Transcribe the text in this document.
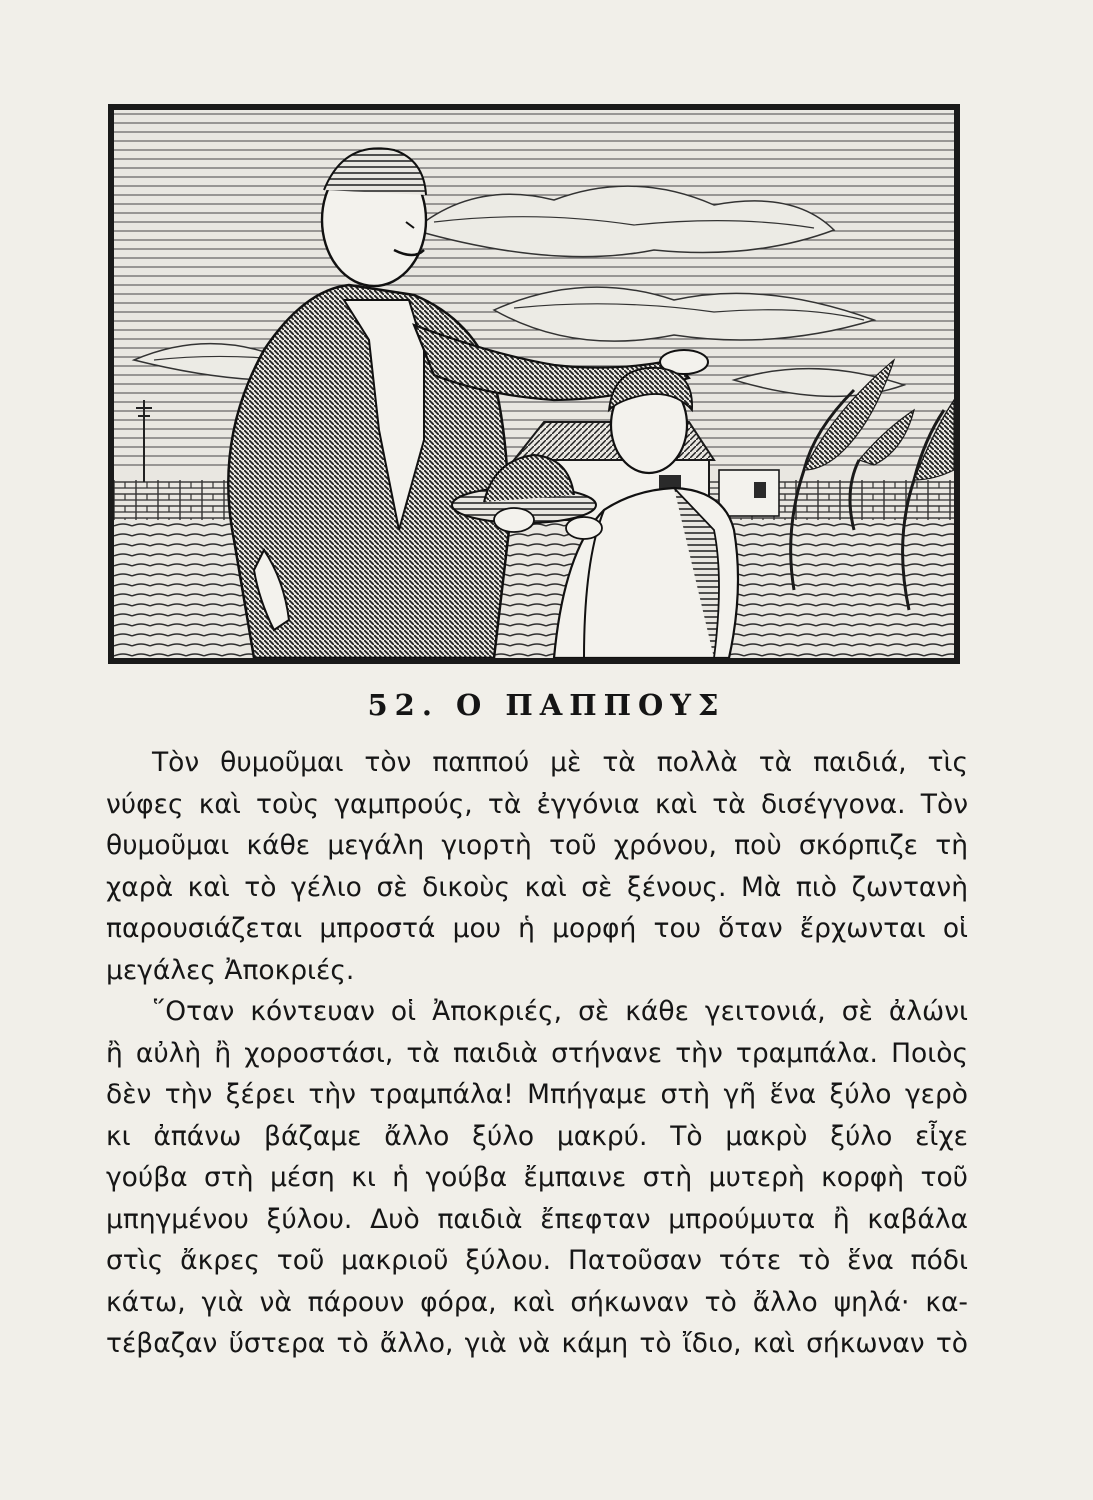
52. Ο ΠΑΠΠΟΥΣ
Τὸν θυμοῦμαι τὸν παππού μὲ τὰ πολλὰ τὰ παιδιά, τὶς
νύφες καὶ τοὺς γαμπρούς, τὰ ἐγγόνια καὶ τὰ δισέγγονα. Τὸν
θυμοῦμαι κάθε μεγάλη γιορτὴ τοῦ χρόνου, ποὺ σκόρπιζε τὴ
χαρὰ καὶ τὸ γέλιο σὲ δικοὺς καὶ σὲ ξένους. Μὰ πιὸ ζωντανὴ
παρουσιάζεται μπροστά μου ἡ μορφή του ὅταν ἔρχωνται οἱ
μεγάλες Ἀποκριές.
῞Οταν κόντευαν οἱ Ἀποκριές, σὲ κάθε γειτονιά, σὲ ἀλώνι
ἢ αὐλὴ ἢ χοροστάσι, τὰ παιδιὰ στήνανε τὴν τραμπάλα. Ποιὸς
δὲν τὴν ξέρει τὴν τραμπάλα! Μπήγαμε στὴ γῆ ἕνα ξύλο γερὸ
κι ἀπάνω βάζαμε ἄλλο ξύλο μακρύ. Τὸ μακρὺ ξύλο εἶχε
γούβα στὴ μέση κι ἡ γούβα ἔμπαινε στὴ μυτερὴ κορφὴ τοῦ
μπηγμένου ξύλου. Δυὸ παιδιὰ ἔπεφταν μπρούμυτα ἢ καβάλα
στὶς ἄκρες τοῦ μακριοῦ ξύλου. Πατοῦσαν τότε τὸ ἕνα πόδι
κάτω, γιὰ νὰ πάρουν φόρα, καὶ σήκωναν τὸ ἄλλο ψηλά· κα-
τέβαζαν ὕστερα τὸ ἄλλο, γιὰ νὰ κάμη τὸ ἴδιο, καὶ σήκωναν τὸ
